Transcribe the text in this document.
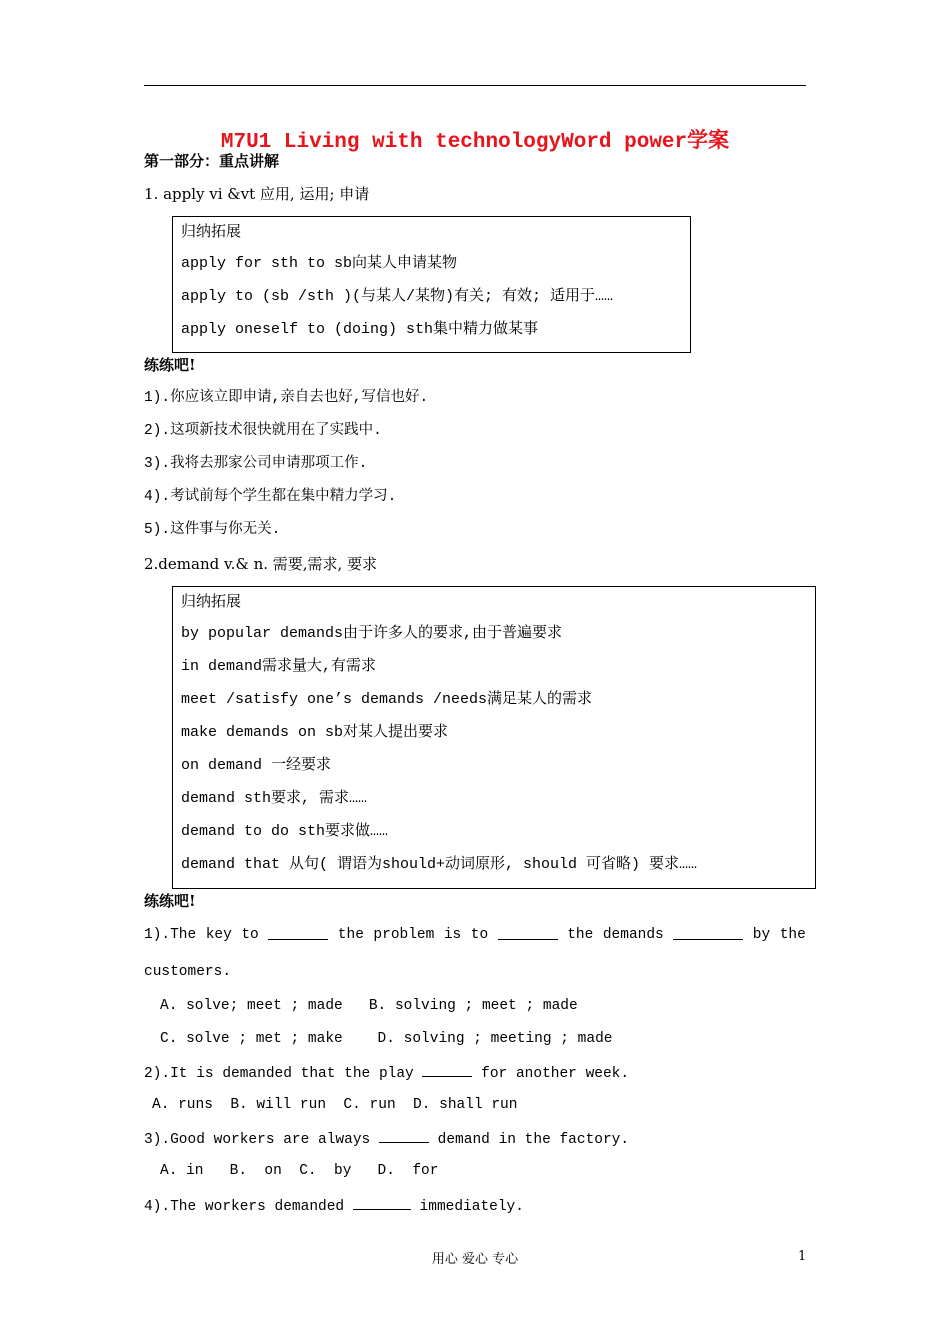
M7U1 Living with technologyWord power学案
第一部分：重点讲解
1. apply vi &vt 应用, 运用; 申请
归纳拓展
apply for sth to sb向某人申请某物
apply to (sb /sth )(与某人/某物)有关; 有效; 适用于……
apply oneself to (doing) sth集中精力做某事
练练吧!
1).你应该立即申请,亲自去也好,写信也好.
2).这项新技术很快就用在了实践中.
3).我将去那家公司申请那项工作.
4).考试前每个学生都在集中精力学习.
5).这件事与你无关.
2.demand v.& n. 需要,需求, 要求
归纳拓展
by popular demands由于许多人的要求,由于普遍要求
in demand需求量大,有需求
meet /satisfy one’s demands /needs满足某人的需求
make demands on sb对某人提出要求
on demand 一经要求
demand sth要求, 需求……
demand to do sth要求做……
demand that 从句( 谓语为should+动词原形, should 可省略) 要求……
练练吧!
1).The key to	the problem is to	the demands	by the
customers.
A. solve; meet ; made   B. solving ; meet ; made
C. solve ; met ; make    D. solving ; meeting ; made
2).It is demanded that the play	for another week.
A. runs  B. will run  C. run  D. shall run
3).Good workers are always	demand in the factory.
A. in   B.  on  C.  by   D.  for
4).The workers demanded	immediately.
用心 爱心 专心	1
